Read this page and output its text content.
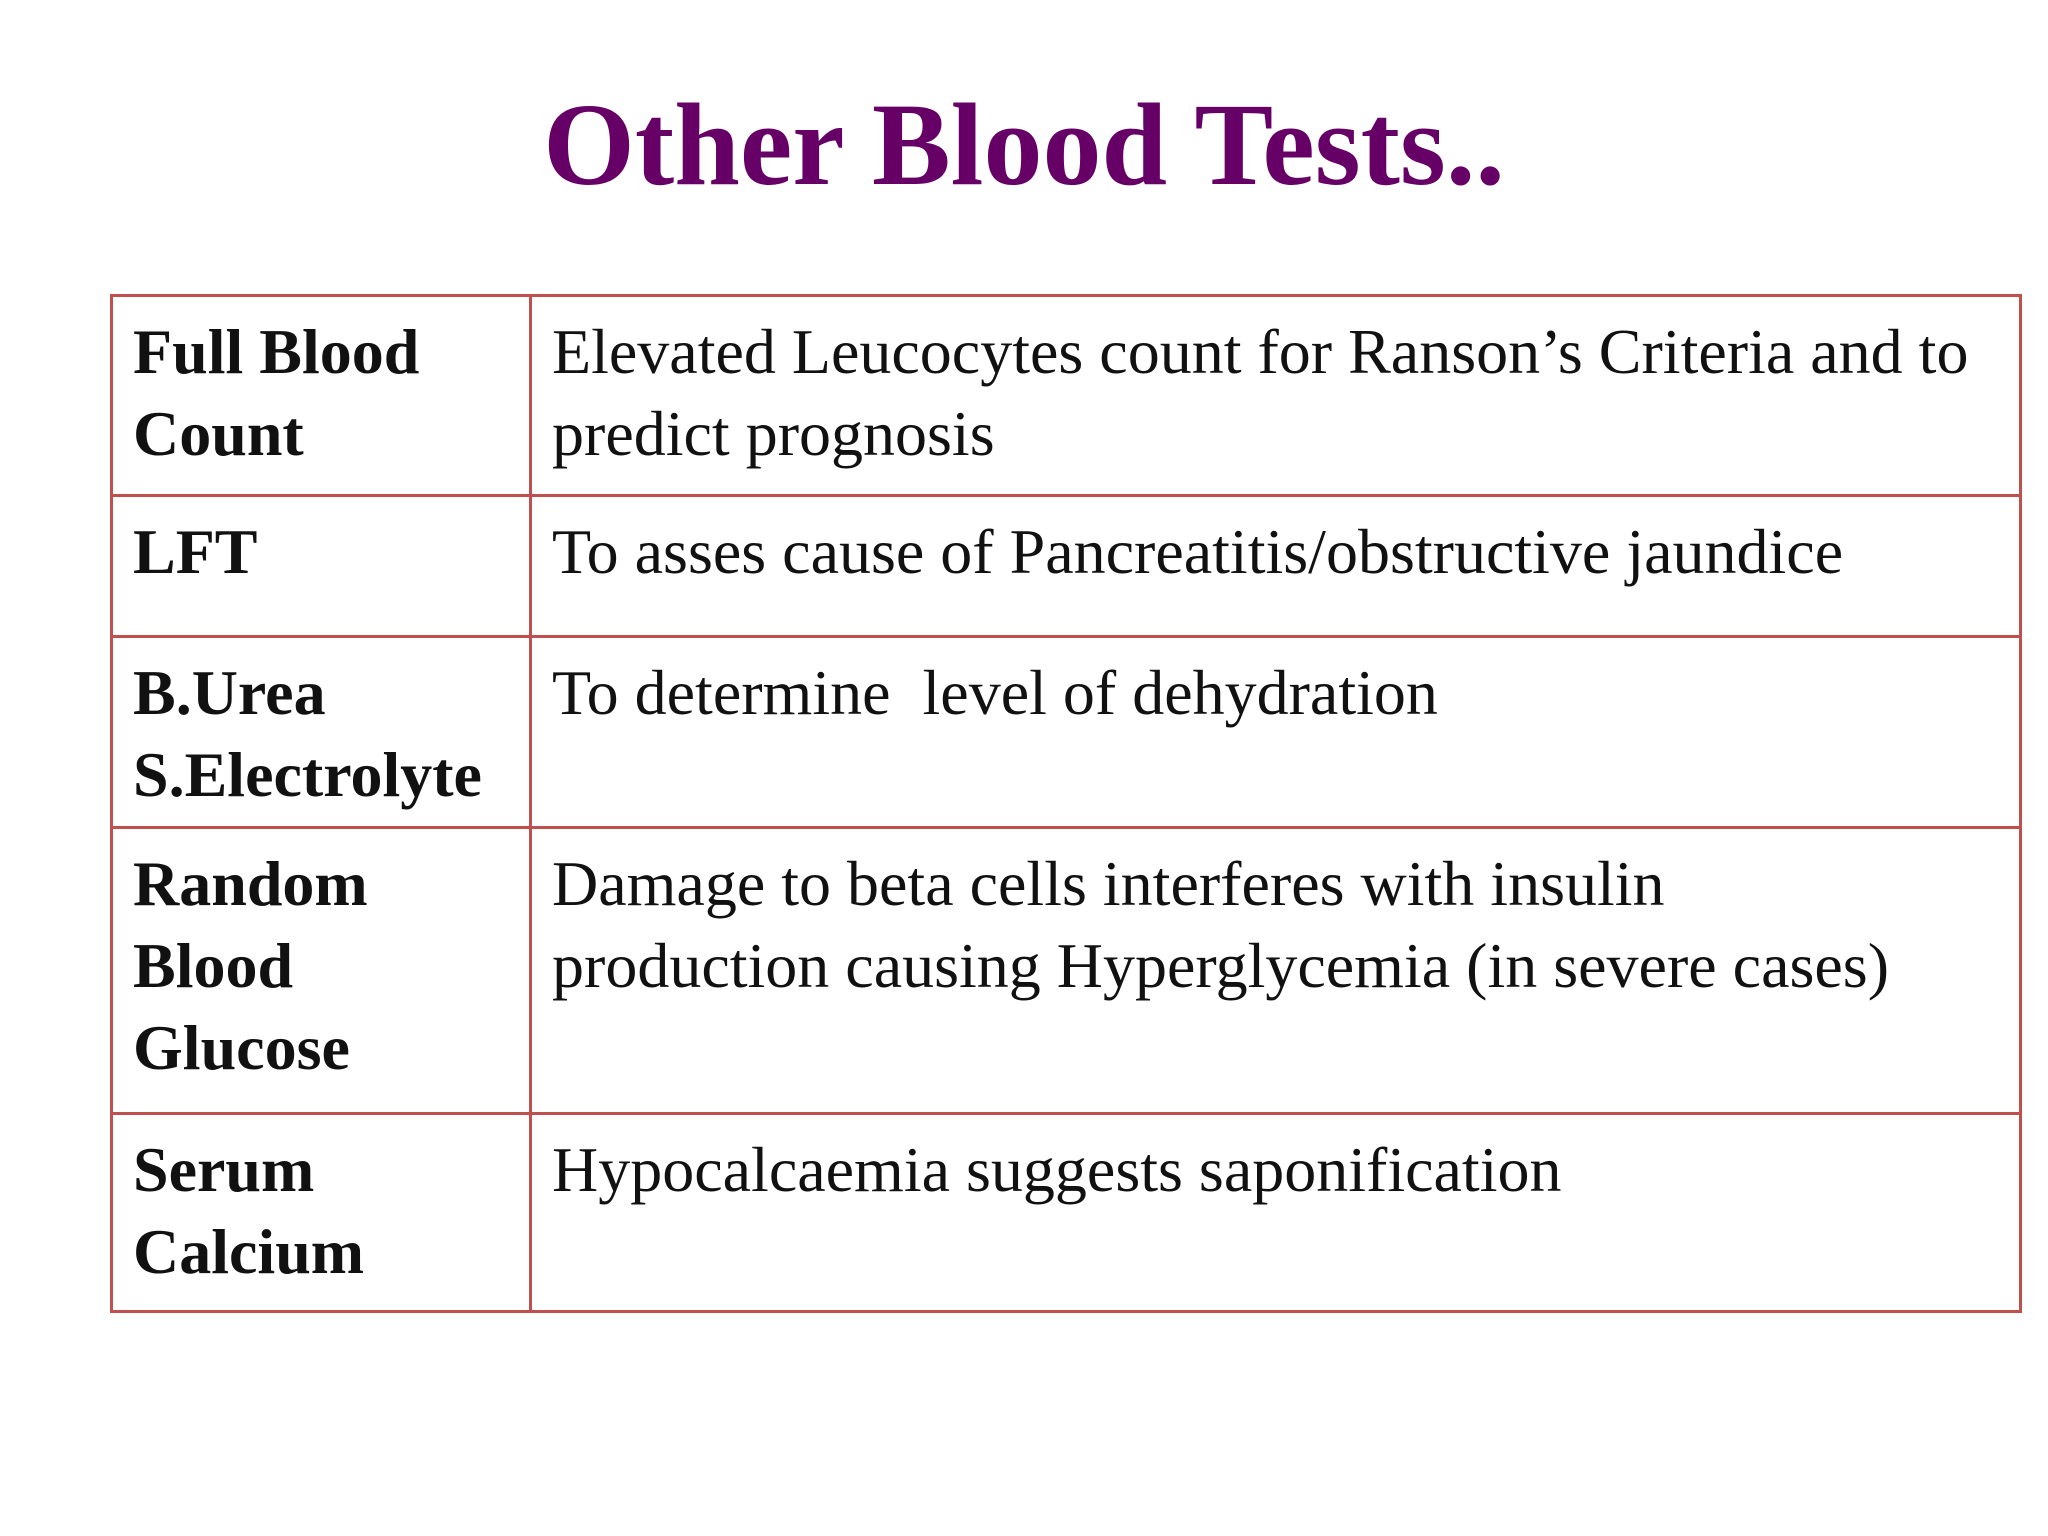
Other Blood Tests..
Full Blood
Count	Elevated Leucocytes count for Ranson’s Criteria and to predict prognosis
LFT	To asses cause of Pancreatitis/obstructive jaundice
B.Urea
S.Electrolyte	To determine  level of dehydration
Random
Blood
Glucose	Damage to beta cells interferes with insulin
production causing Hyperglycemia (in severe cases)
Serum
Calcium	Hypocalcaemia suggests saponification
